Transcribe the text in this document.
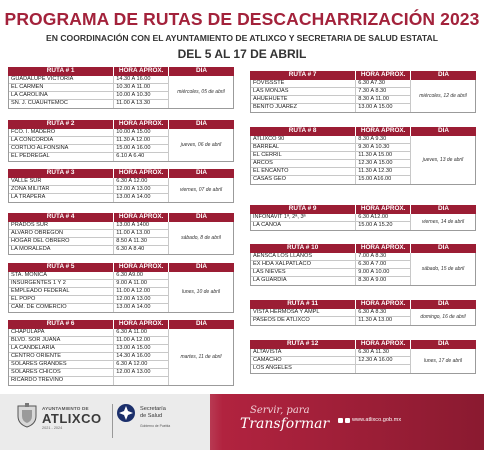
PROGRAMA DE RUTAS DE DESCACHARRIZACIÓN 2023
EN COORDINACIÓN CON EL AYUNTAMIENTO DE ATLIXCO Y SECRETARIA DE SALUD ESTATAL
DEL 5 AL 17 DE ABRIL
RUTA # 1	HORA APROX.	DIA
GUADALUPE VICTORIA	14.30 A 16.00
EL CARMEN	10.30 A 11.00
LA CAROLINA	10.00 A 10.30
SN. J. CUAUHTEMOC	11.00 A 13.30
miércoles, 05 de abril
RUTA # 2	HORA APROX.	DIA
FCO. I. MADERO	10.00 A 15.00
LA CONCORDIA	11.30 A 12.00
CORTIJO ALFONSINA	15.00 A 16.00
EL PEDREGAL	6.10 A 6.40
jueves, 06 de abril
RUTA # 3	HORA APROX.	DIA
VALLE SUR	6.30 A 12.00
ZONA MILITAR	12.00 A 13.00
LA TRAPERA	13.00 A 14.00
viernes, 07 de abril
RUTA # 4	HORA APROX.	DIA
PRADOS SUR	13.00 A 1400
ÁLVARO OBREGÓN	11.00 A 13.00
HOGAR DEL OBRERO	8.50 A 11.30
LA MORALEDA	6.30 A 8.40
sábado, 8 de abril
RUTA # 5	HORA APROX.	DIA
STA. MÓNICA	6.30 A9.00
INSURGENTES 1 Y 2	9.00 A 11.00
EMPLEADO FEDERAL	11.00 A 12.00
EL POPO	12.00 A 13.00
CÁM. DE COMERCIO	13.00 A 14.00
lunes, 10 de abril
RUTA # 6	HORA APROX.	DIA
CHAPULAPA	6.30 A 11.00
BLVD. SOR JUANA	11.00 A 12.00
LA CANDELARIA	13.00 A 15.00
CENTRO ORIENTE	14.30 A 16.00
SOLARES GRANDES	6.30 A 12.00
SOLARES CHICOS	12.00 A 13.00
RICARDO TREVIÑO
martes, 11 de abril
RUTA # 7	HORA APROX.	DIA
FOVISSSTE	6.30 A7.30
LAS MONJAS	7.30 A 8.30
AHUEHUETE	8.30 A 11.00
BENITO JUÁREZ	13.00 A 15.00
miércoles, 12 de abril
RUTA # 8	HORA APROX.	DIA
ATLIXCO 90	8.30 A 9.30
BARREAL	9.30 A 10.30
EL CERRIL	11.30 A 15.00
ARCOS	12.30 A 15.00
EL ENCANTO	11.30 A 12.30
CASAS GEO	15.00 A16.00
jueves, 13 de abril
RUTA # 9	HORA APROX.	DIA
INFONAVIT 1ª, 2ª, 3ª	6.30 A12.00
LA CANOA	15.00 A 15.20
viernes, 14 de abril
RUTA # 10	HORA APROX.	DIA
AENSCA LOS LLANOS	7.00 A 8.30
EX HDA XALPATLACO	6.30 A 7.00
LAS NIEVES	9.00 A 10.00
LA GUARDIA	8.30 A 9.00
sábado, 15 de abril
RUTA # 11	HORA APROX.	DIA
VISTA HERMOSA Y AMPL	6.30 A 8.30
PASEOS DE ATLIXCO	11.30 A 13.00
domingo, 16 de abril
RUTA # 12	HORA APROX.	DIA
ALTAVISTA	6.30 A 11.30
CAMACHO	12.30 A 16.00
LOS ANGELES
lunes, 17 de abril
AYUNTAMIENTO DE
ATLIXCO
2021 - 2024
Secretaría
de Salud
Gobierno de Puebla
Servir, para
Transformar	www.atlixco.gob.mx
